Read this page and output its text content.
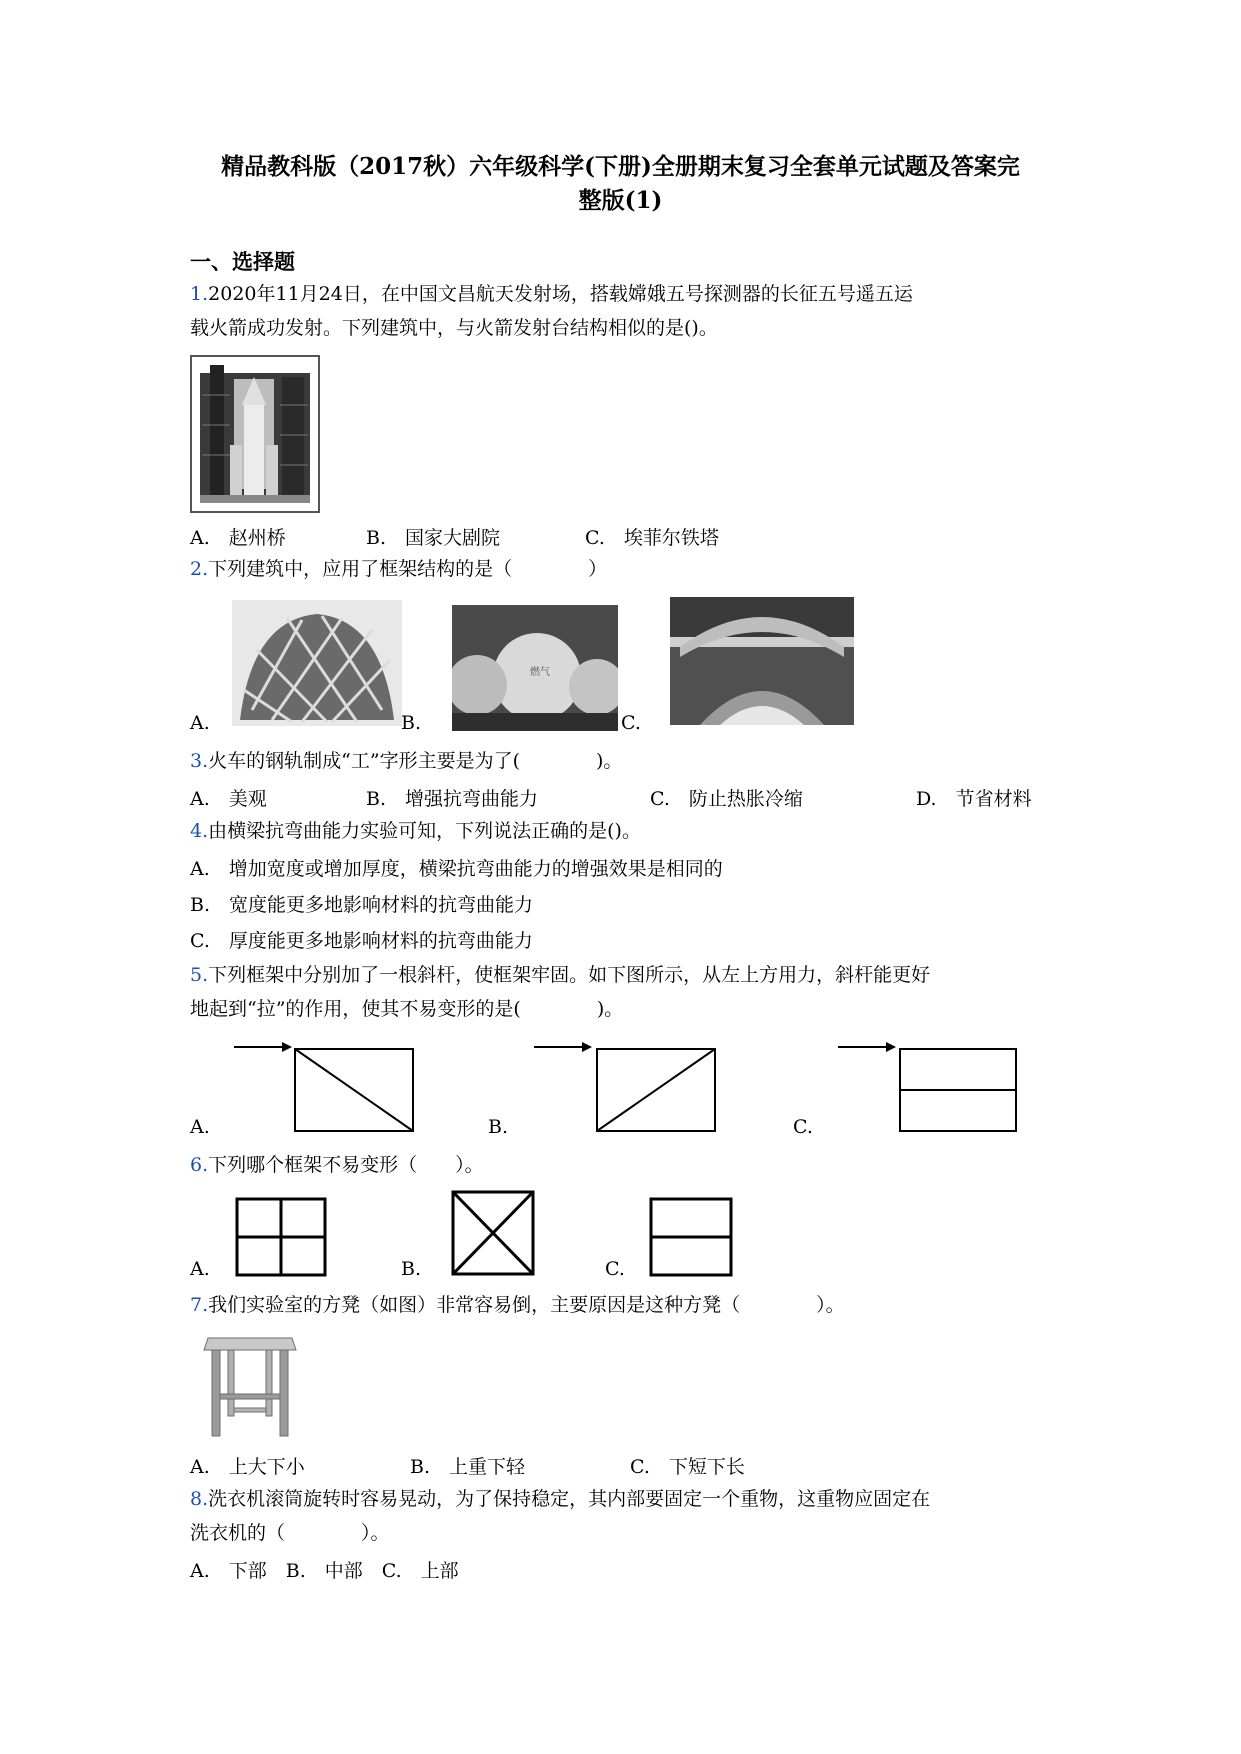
精品教科版（2017秋）六年级科学(下册)全册期末复习全套单元试题及答案完
整版(1)
一、选择题
1.2020年11月24日，在中国文昌航天发射场，搭载嫦娥五号探测器的长征五号遥五运
载火箭成功发射。下列建筑中，与火箭发射台结构相似的是()。
A.　赵州桥	B.　国家大剧院	C.　埃菲尔铁塔
2.下列建筑中，应用了框架结构的是（　　　　）
A.
燃气
B.	C.
3.火车的钢轨制成“工”字形主要是为了(　　　　)。
A.　美观	B.　增强抗弯曲能力	C.　防止热胀冷缩	D.　节省材料
4.由横梁抗弯曲能力实验可知，下列说法正确的是()。
A.　增加宽度或增加厚度，横梁抗弯曲能力的增强效果是相同的
B.　宽度能更多地影响材料的抗弯曲能力
C.　厚度能更多地影响材料的抗弯曲能力
5.下列框架中分别加了一根斜杆，使框架牢固。如下图所示，从左上方用力，斜杆能更好
地起到“拉”的作用，使其不易变形的是(　　　　)。
A.	B.	C.
6.下列哪个框架不易变形（　　）。
A.	B.	C.
7.我们实验室的方凳（如图）非常容易倒，主要原因是这种方凳（　　　　）。
A.　上大下小	B.　上重下轻	C.　下短下长
8.洗衣机滚筒旋转时容易晃动，为了保持稳定，其内部要固定一个重物，这重物应固定在
洗衣机的（　　　　）。
A.　下部　B.　中部　C.　上部
